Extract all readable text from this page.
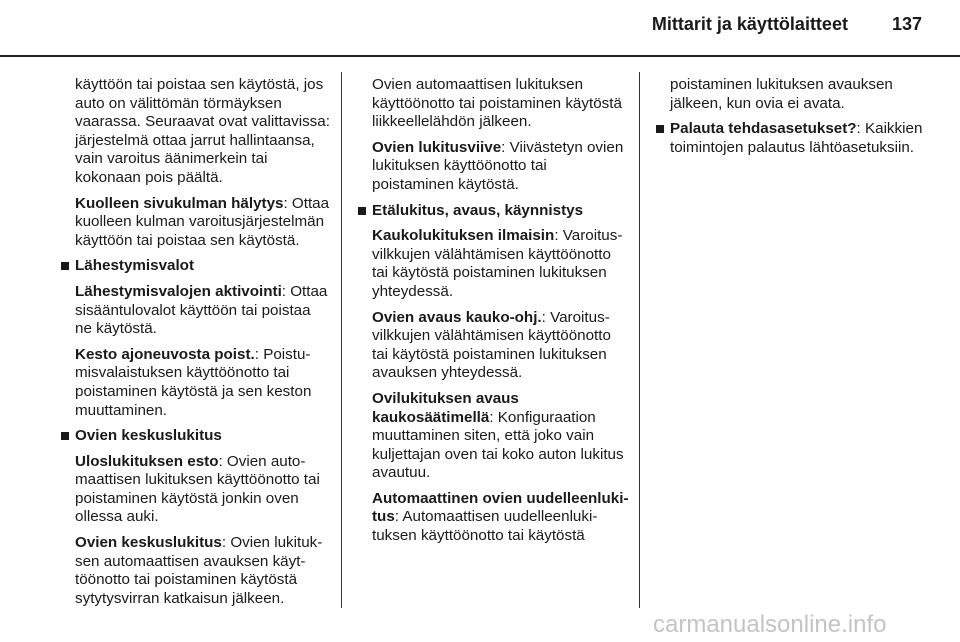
Mittarit ja käyttölaitteet 137

käyttöön tai poistaa sen käytöstä, jos auto on välittömän törmäyksen vaarassa. Seuraavat ovat valittavissa: järjestelmä ottaa jarrut hallintaansa, vain varoitus äänimerkein tai kokonaan pois päältä.

Kuolleen sivukulman hälytys: Ottaa kuolleen kulman varoitusjärjestelmän käyttöön tai poistaa sen käytöstä.

Lähestymisvalot

Lähestymisvalojen aktivointi: Ottaa sisääntulovalot käyttöön tai poistaa ne käytöstä.

Kesto ajoneuvosta poist.: Poistumisvalaistuksen käyttöönotto tai poistaminen käytöstä ja sen keston muuttaminen.

Ovien keskuslukitus

Uloslukituksen esto: Ovien automaattisen lukituksen käyttöönotto tai poistaminen käytöstä jonkin oven ollessa auki.

Ovien keskuslukitus: Ovien lukituksen automaattisen avauksen käyttöönotto tai poistaminen käytöstä sytytysvirran katkaisun jälkeen.

Ovien automaattisen lukituksen käyttöönotto tai poistaminen käytöstä liikkeellelähdön jälkeen.

Ovien lukitusviive: Viivästetyn ovien lukituksen käyttöönotto tai poistaminen käytöstä.

Etälukitus, avaus, käynnistys

Kaukolukituksen ilmaisin: Varoitusvilkkujen välähtämisen käyttöönotto tai käytöstä poistaminen lukituksen yhteydessä.

Ovien avaus kauko-ohj.: Varoitusvilkkujen välähtämisen käyttöönotto tai käytöstä poistaminen lukituksen avauksen yhteydessä.

Ovilukituksen avaus kaukosäätimellä: Konfiguraation muuttaminen siten, että joko vain kuljettajan oven tai koko auton lukitus avautuu.

Automaattinen ovien uudelleenlukitus: Automaattisen uudelleenlukituksen käyttöönotto tai käytöstä

poistaminen lukituksen avauksen jälkeen, kun ovia ei avata.

Palauta tehdasasetukset?: Kaikkien toimintojen palautus lähtöasetuksiin.
carmanualsonline.info
